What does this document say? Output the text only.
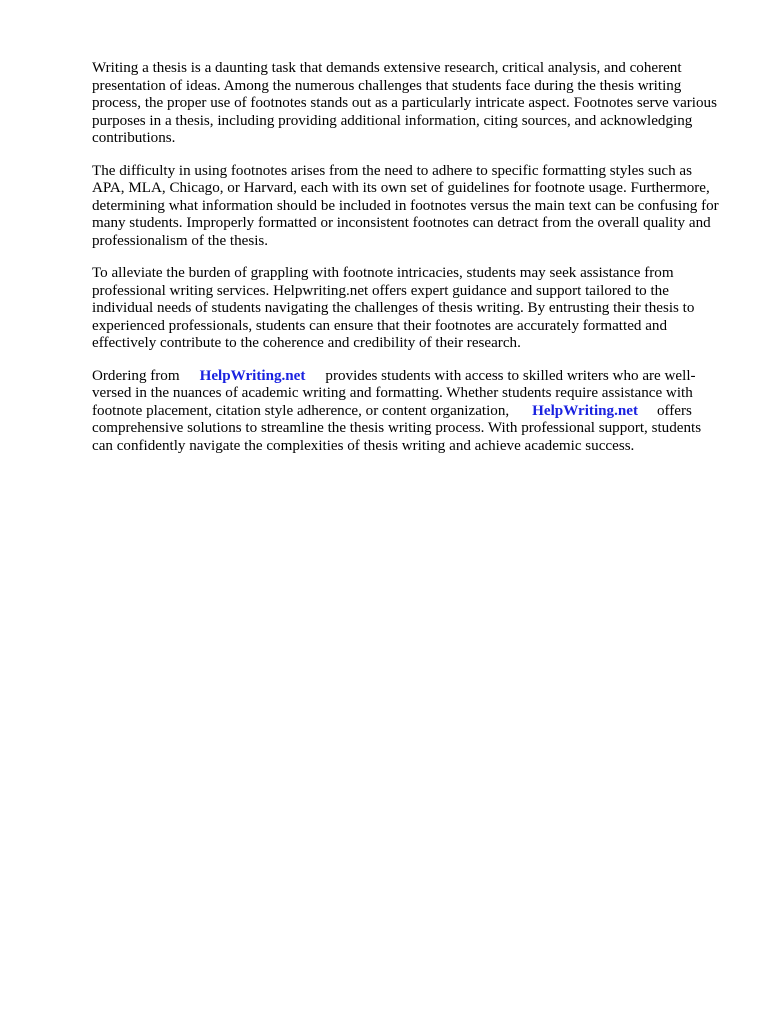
Writing a thesis is a daunting task that demands extensive research, critical analysis, and coherent presentation of ideas. Among the numerous challenges that students face during the thesis writing process, the proper use of footnotes stands out as a particularly intricate aspect. Footnotes serve various purposes in a thesis, including providing additional information, citing sources, and acknowledging contributions.

The difficulty in using footnotes arises from the need to adhere to specific formatting styles such as APA, MLA, Chicago, or Harvard, each with its own set of guidelines for footnote usage. Furthermore, determining what information should be included in footnotes versus the main text can be confusing for many students. Improperly formatted or inconsistent footnotes can detract from the overall quality and professionalism of the thesis.

To alleviate the burden of grappling with footnote intricacies, students may seek assistance from professional writing services. Helpwriting.net offers expert guidance and support tailored to the individual needs of students navigating the challenges of thesis writing. By entrusting their thesis to experienced professionals, students can ensure that their footnotes are accurately formatted and effectively contribute to the coherence and credibility of their research.

Ordering from HelpWriting.net provides students with access to skilled writers who are well-versed in the nuances of academic writing and formatting. Whether students require assistance with footnote placement, citation style adherence, or content organization, HelpWriting.net offers comprehensive solutions to streamline the thesis writing process. With professional support, students can confidently navigate the complexities of thesis writing and achieve academic success.
